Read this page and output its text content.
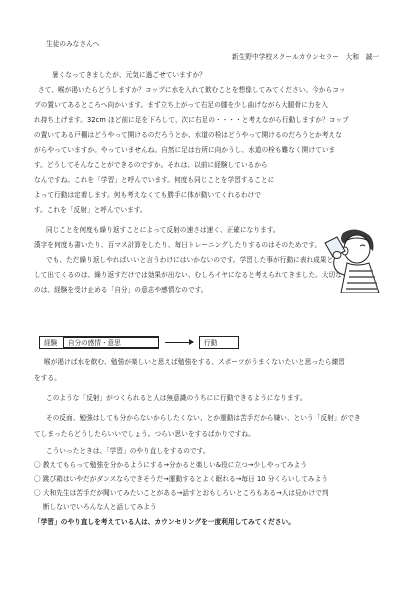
生徒のみなさんへ
新生野中学校スクールカウンセラー　大和　誠一
暑くなってきましたが、元気に過ごせていますか？
さて、喉が渇いたらどうしますか？コップに水を入れて飲むことを想像してみてください。今からコッ
プの置いてあるところへ向かいます。まず立ち上がって右足の膝を少し曲げながら大腿骨に力を入
れ持ち上げます。32cm ほど前に足を下ろして、次に右足の・・・・と考えながら行動しますか？コップ
の置いてある戸棚はどうやって開けるのだろうとか、水道の栓はどうやって開けるのだろうとか考えな
がらやっていますか。やっていませんね。自然に足は台所に向かうし、水道の栓も難なく開けていま
す。どうしてそんなことができるのですか。それは、以前に経験しているから
なんですね。これを「学習」と呼んでいます。何度も同じことを学習することに
よって行動は定着します。何も考えなくても勝手に体が動いてくれるわけで
す。これを「反射」と呼んでいます。
同じことを何度も繰り返すことによって反射の速さは速く、正確になります。
漢字を何度も書いたり、百マス計算をしたり、毎日トレーニングしたりするのはそのためです。
でも、ただ繰り返しやればいいと言うわけにはいかないのです。学習した事が行動に表れ成果と
して出てくるのは、繰り返すだけでは効果が出ない、むしろイヤになると考えられてきました。大切な
のは、経験を受け止める「自分」の意志や感情なのです。
経験	自分の感情・意思	行動
喉が渇けば水を飲む、勉強が楽しいと思えば勉強をする、スポーツがうまくないたいと思ったら練習
をする。
このような「反射」がつくられると人は無意識のうちにに行動できるようになります。
その反面、勉強はしても分からないからしたくない、とか運動は苦手だから嫌い、という「反射」ができ
てしまったらどうしたらいいでしょう。つらい思いをするばかりですね。
こういったときは、「学習」のやり直しをするのです。
〇 教えてもらって勉強を分かるようにする→分かると楽しい&役に立つ→少しやってみよう
〇 跳び箱はいやだがダンスならできそうだ→運動するとよく眠れる→毎日 10 分くらいしてみよう
〇 大和先生は苦手だが聞いてみたいことがある→話すとおもしろいところもある→人は見かけで判
　 断しないでいろんな人と話してみよう
「学習」のやり直しを考えている人は、カウンセリングを一度利用してみてください。
